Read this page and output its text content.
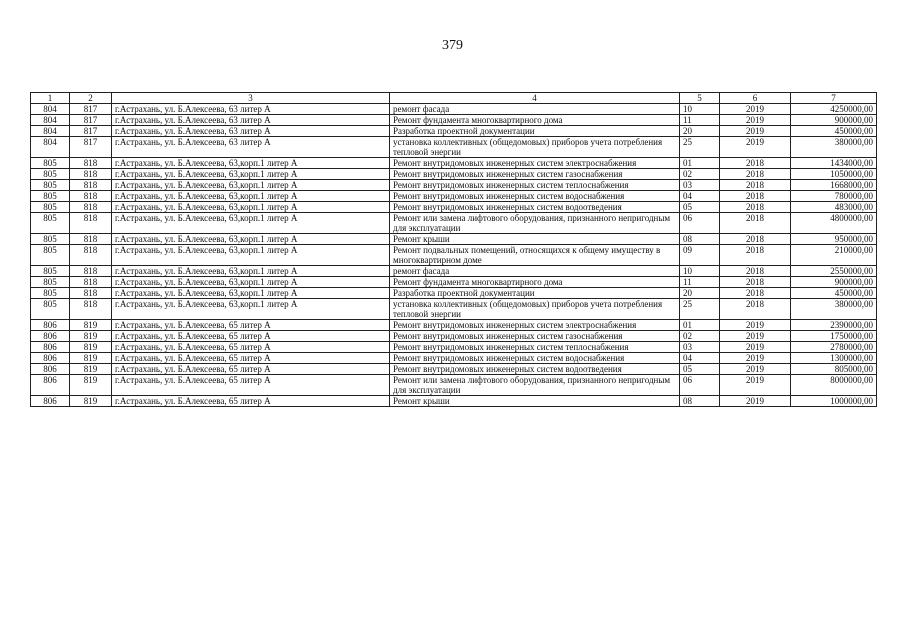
379
1	2	3	4	5	6	7
804	817	г.Астрахань, ул. Б.Алексеева, 63 литер А	ремонт фасада	10	2019	4250000,00
804	817	г.Астрахань, ул. Б.Алексеева, 63 литер А	Ремонт фундамента многоквартирного дома	11	2019	900000,00
804	817	г.Астрахань, ул. Б.Алексеева, 63 литер А	Разработка проектной документации	20	2019	450000,00
804	817	г.Астрахань, ул. Б.Алексеева, 63 литер А	установка коллективных (общедомовых) приборов учета потребления тепловой энергии	25	2019	380000,00
805	818	г.Астрахань, ул. Б.Алексеева, 63,корп.1 литер А	Ремонт внутридомовых инженерных систем электроснабжения	01	2018	1434000,00
805	818	г.Астрахань, ул. Б.Алексеева, 63,корп.1 литер А	Ремонт внутридомовых инженерных систем газоснабжения	02	2018	1050000,00
805	818	г.Астрахань, ул. Б.Алексеева, 63,корп.1 литер А	Ремонт внутридомовых инженерных систем теплоснабжения	03	2018	1668000,00
805	818	г.Астрахань, ул. Б.Алексеева, 63,корп.1 литер А	Ремонт внутридомовых инженерных систем водоснабжения	04	2018	780000,00
805	818	г.Астрахань, ул. Б.Алексеева, 63,корп.1 литер А	Ремонт внутридомовых инженерных систем водоотведения	05	2018	483000,00
805	818	г.Астрахань, ул. Б.Алексеева, 63,корп.1 литер А	Ремонт или замена лифтового оборудования, признанного непригодным для эксплуатации	06	2018	4800000,00
805	818	г.Астрахань, ул. Б.Алексеева, 63,корп.1 литер А	Ремонт крыши	08	2018	950000,00
805	818	г.Астрахань, ул. Б.Алексеева, 63,корп.1 литер А	Ремонт подвальных помещений, относящихся к общему имуществу в многоквартирном доме	09	2018	210000,00
805	818	г.Астрахань, ул. Б.Алексеева, 63,корп.1 литер А	ремонт фасада	10	2018	2550000,00
805	818	г.Астрахань, ул. Б.Алексеева, 63,корп.1 литер А	Ремонт фундамента многоквартирного дома	11	2018	900000,00
805	818	г.Астрахань, ул. Б.Алексеева, 63,корп.1 литер А	Разработка проектной документации	20	2018	450000,00
805	818	г.Астрахань, ул. Б.Алексеева, 63,корп.1 литер А	установка коллективных (общедомовых) приборов учета потребления тепловой энергии	25	2018	380000,00
806	819	г.Астрахань, ул. Б.Алексеева, 65 литер А	Ремонт внутридомовых инженерных систем электроснабжения	01	2019	2390000,00
806	819	г.Астрахань, ул. Б.Алексеева, 65 литер А	Ремонт внутридомовых инженерных систем газоснабжения	02	2019	1750000,00
806	819	г.Астрахань, ул. Б.Алексеева, 65 литер А	Ремонт внутридомовых инженерных систем теплоснабжения	03	2019	2780000,00
806	819	г.Астрахань, ул. Б.Алексеева, 65 литер А	Ремонт внутридомовых инженерных систем водоснабжения	04	2019	1300000,00
806	819	г.Астрахань, ул. Б.Алексеева, 65 литер А	Ремонт внутридомовых инженерных систем водоотведения	05	2019	805000,00
806	819	г.Астрахань, ул. Б.Алексеева, 65 литер А	Ремонт или замена лифтового оборудования, признанного непригодным для эксплуатации	06	2019	8000000,00
806	819	г.Астрахань, ул. Б.Алексеева, 65 литер А	Ремонт крыши	08	2019	1000000,00
